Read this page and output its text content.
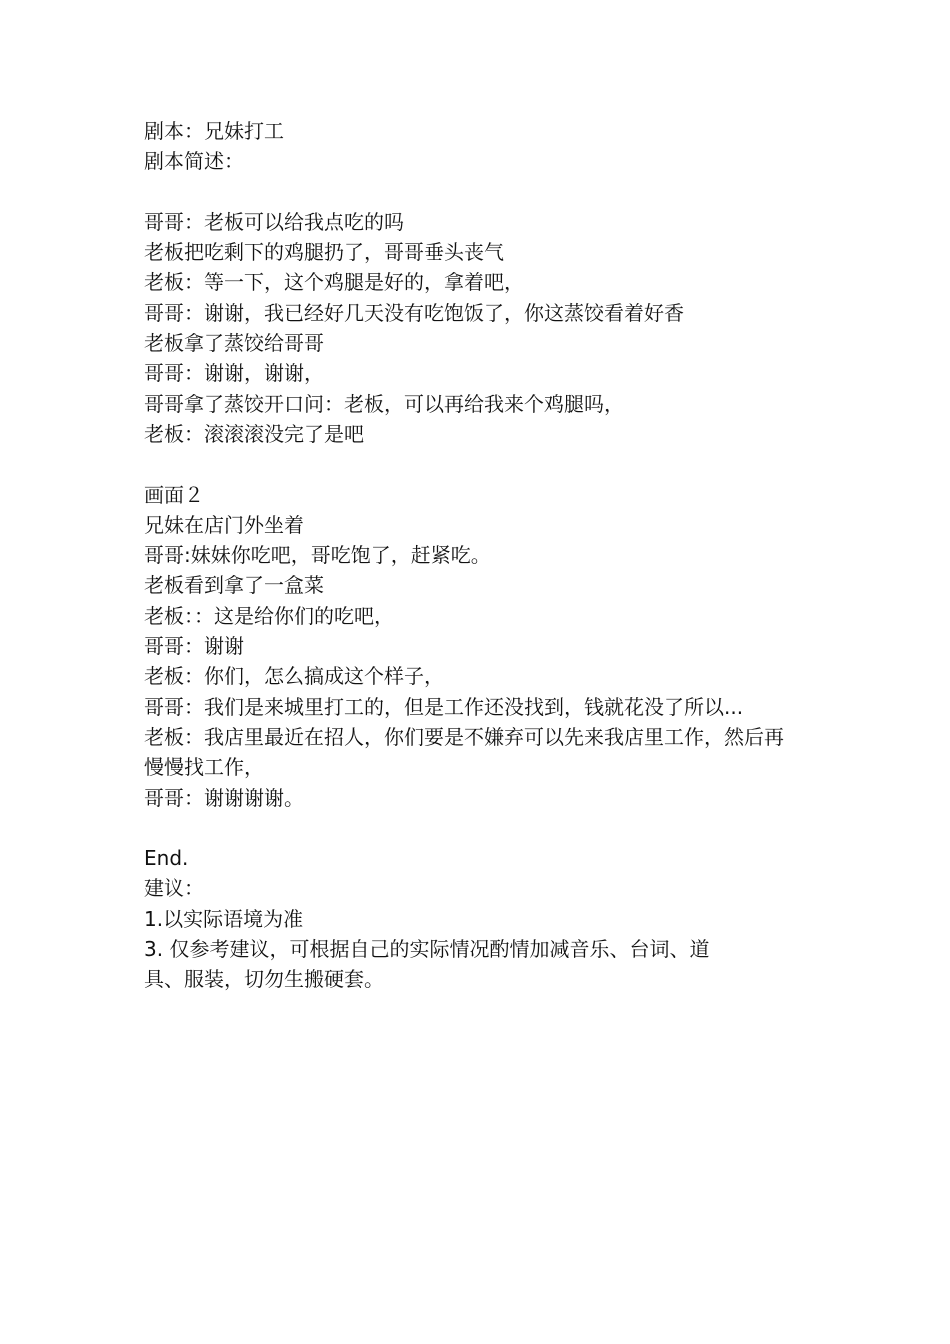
剧本：兄妹打工
剧本简述：
哥哥：老板可以给我点吃的吗
老板把吃剩下的鸡腿扔了，哥哥垂头丧气
老板：等一下，这个鸡腿是好的，拿着吧，
哥哥：谢谢，我已经好几天没有吃饱饭了，你这蒸饺看着好香
老板拿了蒸饺给哥哥
哥哥：谢谢，谢谢，
哥哥拿了蒸饺开口问：老板，可以再给我来个鸡腿吗，
老板：滚滚滚没完了是吧
画面２
兄妹在店门外坐着
哥哥:妹妹你吃吧，哥吃饱了，赶紧吃。
老板看到拿了一盒菜
老板：：这是给你们的吃吧，
哥哥：谢谢
老板：你们，怎么搞成这个样子，
哥哥：我们是来城里打工的，但是工作还没找到，钱就花没了所以...
老板：我店里最近在招人，你们要是不嫌弃可以先来我店里工作，然后再慢慢找工作，
哥哥：谢谢谢谢。
End.
建议：
1.以实际语境为准
3. 仅参考建议，可根据自己的实际情况酌情加减音乐、台词、道具、服装，切勿生搬硬套。
